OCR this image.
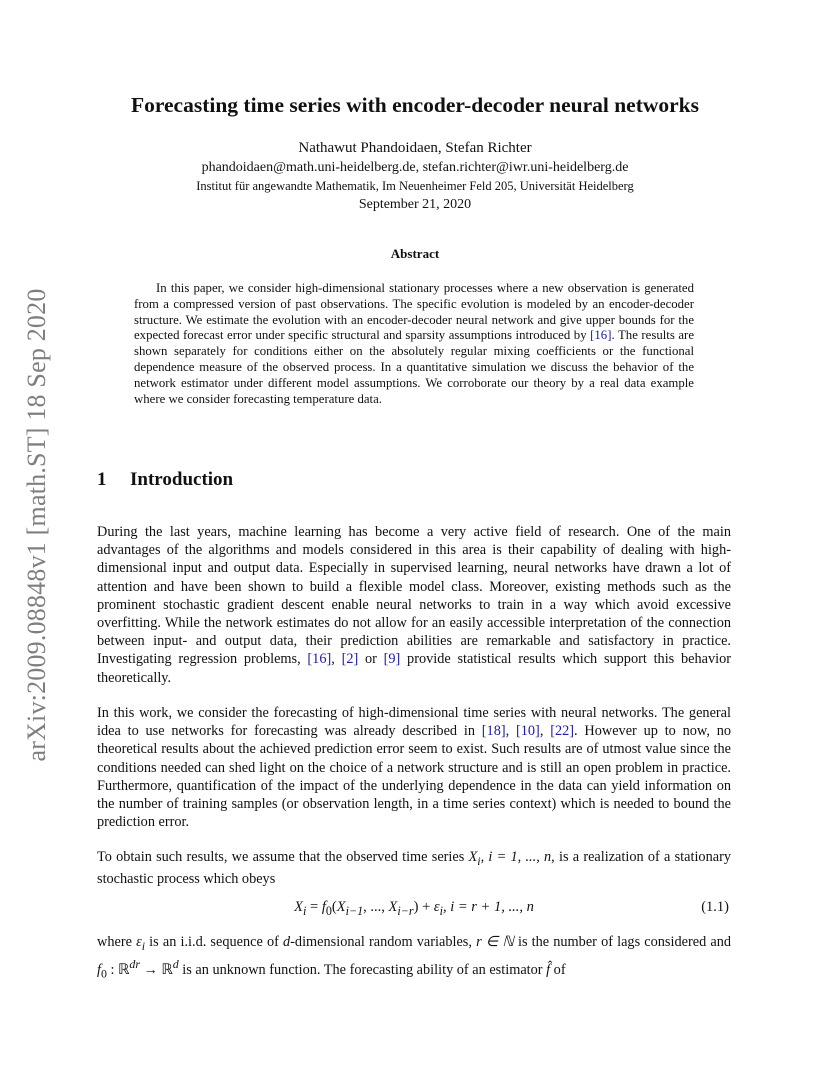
arXiv:2009.08848v1 [math.ST] 18 Sep 2020
Forecasting time series with encoder-decoder neural networks
Nathawut Phandoidaen, Stefan Richter
phandoidaen@math.uni-heidelberg.de, stefan.richter@iwr.uni-heidelberg.de
Institut für angewandte Mathematik, Im Neuenheimer Feld 205, Universität Heidelberg
September 21, 2020
Abstract

In this paper, we consider high-dimensional stationary processes where a new observation is generated from a compressed version of past observations. The specific evolution is modeled by an encoder-decoder structure. We estimate the evolution with an encoder-decoder neural network and give upper bounds for the expected forecast error under specific structural and sparsity assumptions introduced by [16]. The results are shown separately for conditions either on the absolutely regular mixing coefficients or the functional dependence measure of the observed process. In a quantitative simulation we discuss the behavior of the network estimator under different model assumptions. We corroborate our theory by a real data example where we consider forecasting temperature data.

1 Introduction

During the last years, machine learning has become a very active field of research. One of the main advantages of the algorithms and models considered in this area is their capability of dealing with high-dimensional input and output data. Especially in supervised learning, neural networks have drawn a lot of attention and have been shown to build a flexible model class. Moreover, existing methods such as the prominent stochastic gradient descent enable neural networks to train in a way which avoid excessive overfitting. While the network estimates do not allow for an easily accessible interpretation of the connection between input- and output data, their prediction abilities are remarkable and satisfactory in practice. Investigating regression problems, [16], [2] or [9] provide statistical results which support this behavior theoretically.

In this work, we consider the forecasting of high-dimensional time series with neural networks. The general idea to use networks for forecasting was already described in [18], [10], [22]. However up to now, no theoretical results about the achieved prediction error seem to exist. Such results are of utmost value since the conditions needed can shed light on the choice of a network structure and is still an open problem in practice. Furthermore, quantification of the impact of the underlying dependence in the data can yield information on the number of training samples (or observation length, in a time series context) which is needed to bound the prediction error.

To obtain such results, we assume that the observed time series $X_i$, i = 1, ..., n, is a realization of a stationary stochastic process which obeys

$X_i = f_0(X_{i-1}$, ..., $X_{i-r}) + \varepsilon_i$, i = r + 1, ..., n	(1.1)

where $\varepsilon_i$ is an i.i.d. sequence of d-dimensional random variables, r ∈ ℕ is the number of lags considered and $f_0$ : ℝ$^{dr}$ → ℝ$^d$ is an unknown function. The forecasting ability of an estimator f̂ of
